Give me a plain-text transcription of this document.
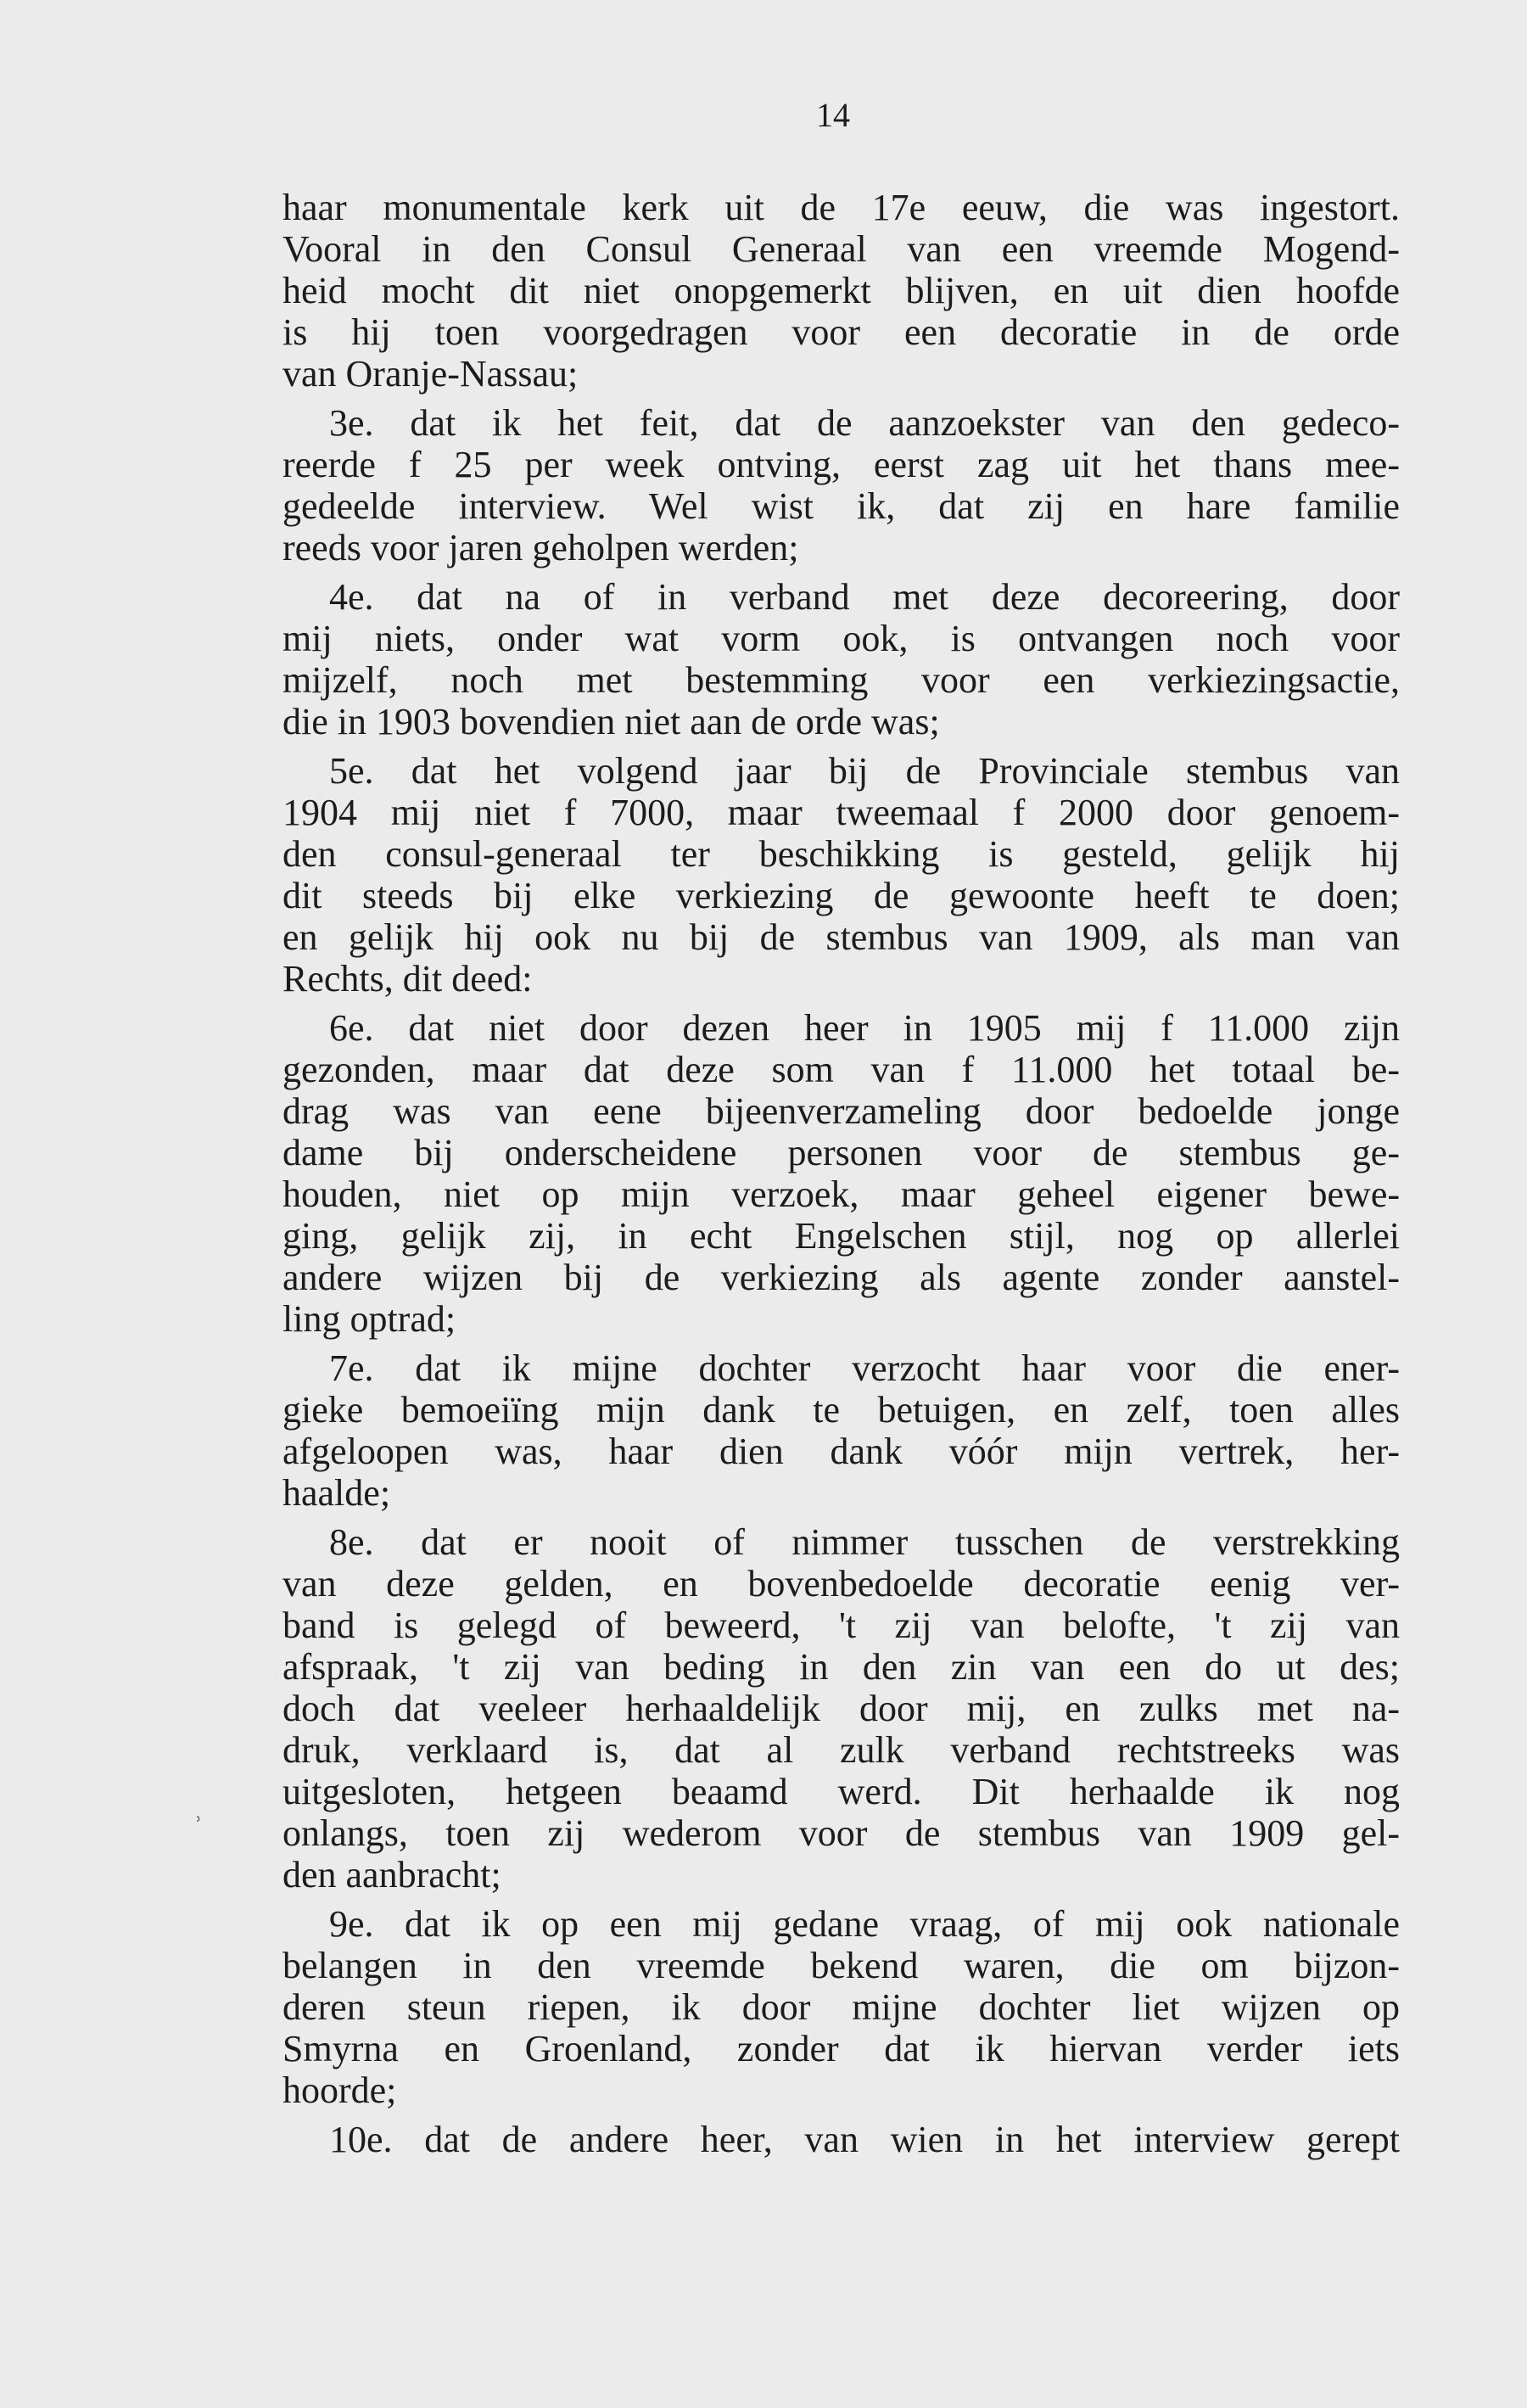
14
ʾ
haar monumentale kerk uit de 17e eeuw, die was ingestort.
Vooral in den Consul Generaal van een vreemde Mogend-
heid mocht dit niet onopgemerkt blijven, en uit dien hoofde
is hij toen voorgedragen voor een decoratie in de orde
van Oranje-Nassau;
3e. dat ik het feit, dat de aanzoekster van den gedeco-
reerde f 25 per week ontving, eerst zag uit het thans mee-
gedeelde interview. Wel wist ik, dat zij en hare familie
reeds voor jaren geholpen werden;
4e. dat na of in verband met deze decoreering, door
mij niets, onder wat vorm ook, is ontvangen noch voor
mijzelf, noch met bestemming voor een verkiezingsactie,
die in 1903 bovendien niet aan de orde was;
5e. dat het volgend jaar bij de Provinciale stembus van
1904 mij niet f 7000, maar tweemaal f 2000 door genoem-
den consul-generaal ter beschikking is gesteld, gelijk hij
dit steeds bij elke verkiezing de gewoonte heeft te doen;
en gelijk hij ook nu bij de stembus van 1909, als man van
Rechts, dit deed:
6e. dat niet door dezen heer in 1905 mij f 11.000 zijn
gezonden, maar dat deze som van f 11.000 het totaal be-
drag was van eene bijeenverzameling door bedoelde jonge
dame bij onderscheidene personen voor de stembus ge-
houden, niet op mijn verzoek, maar geheel eigener bewe-
ging, gelijk zij, in echt Engelschen stijl, nog op allerlei
andere wijzen bij de verkiezing als agente zonder aanstel-
ling optrad;
7e. dat ik mijne dochter verzocht haar voor die ener-
gieke bemoeiïng mijn dank te betuigen, en zelf, toen alles
afgeloopen was, haar dien dank vóór mijn vertrek, her-
haalde;
8e. dat er nooit of nimmer tusschen de verstrekking
van deze gelden, en bovenbedoelde decoratie eenig ver-
band is gelegd of beweerd, 't zij van belofte, 't zij van
afspraak, 't zij van beding in den zin van een do ut des;
doch dat veeleer herhaaldelijk door mij, en zulks met na-
druk, verklaard is, dat al zulk verband rechtstreeks was
uitgesloten, hetgeen beaamd werd. Dit herhaalde ik nog
onlangs, toen zij wederom voor de stembus van 1909 gel-
den aanbracht;
9e. dat ik op een mij gedane vraag, of mij ook nationale
belangen in den vreemde bekend waren, die om bijzon-
deren steun riepen, ik door mijne dochter liet wijzen op
Smyrna en Groenland, zonder dat ik hiervan verder iets
hoorde;
10e. dat de andere heer, van wien in het interview gerept
